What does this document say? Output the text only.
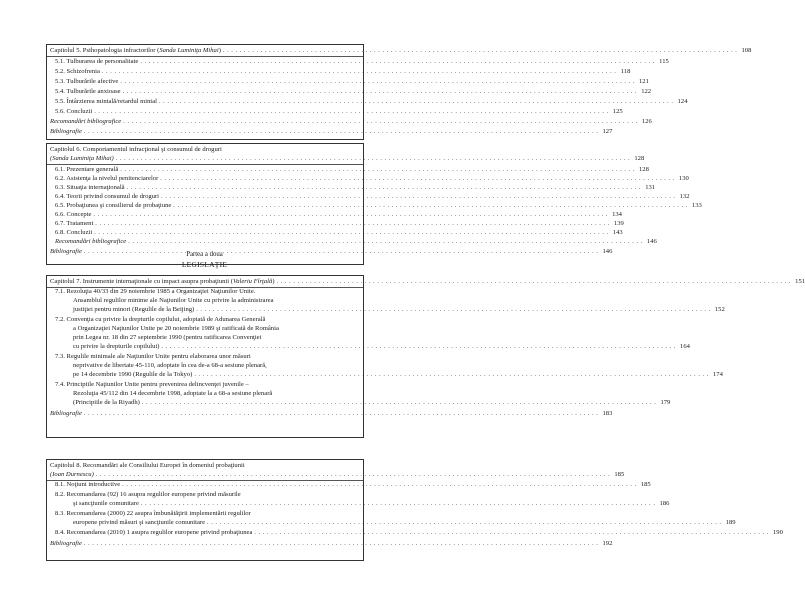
Capitolul 5. Psihopatologia infractorilor (Sanda Luminiţa Mihai) . . .	108
5.1. Tulburarea de personalitate . . .	115
5.2. Schizofrenia . . .	118
5.3. Tulburările afective . . .	121
5.4. Tulburările anxioase . . .	122
5.5. Întârzierea mintală/retardul mintal . . .	124
5.6. Concluzii . . .	125
Recomandări bibliografice . . .	126
Bibliografie . . .	127
Capitolul 6. Comportamentul infracţional şi consumul de droguri
(Sanda Luminiţa Mihai) . . .	128
6.1. Prezentare generală . . .	128
6.2. Asistenţa la nivelul penitenciarelor . . .	130
6.3. Situaţia internaţională . . .	131
6.4. Teorii privind consumul de droguri . . .	132
6.5. Probaţiunea şi consilierul de probaţiune . . .	133
6.6. Concepte . . .	134
6.7. Tratament . . .	139
6.8. Concluzii . . .	143
Recomandări bibliografice . . .	146
Bibliografie . . .	146
Partea a doua
LEGISLAŢIE
Capitolul 7. Instrumente internaţionale cu impact asupra probaţiunii (Valeriu Fîrţală) . . .	151
7.1. Rezoluţia 40/33 din 29 noiembrie 1985 a Organizaţiei Naţiunilor Unite.
Ansamblul regulilor minime ale Naţiunilor Unite cu privire la administrarea
justiţiei pentru minori (Regulile de la Beijing) . . .	152
7.2. Convenţia cu privire la drepturile copilului, adoptată de Adunarea Generală
a Organizaţiei Naţiunilor Unite pe 20 noiembrie 1989 şi ratificată de România
prin Legea nr. 18 din 27 septembrie 1990 (pentru ratificarea Convenţiei
cu privire la drepturile copilului) . . .	164
7.3. Regulile minimale ale Naţiunilor Unite pentru elaborarea unor măsuri
neprivative de libertate 45-110, adoptate în cea de-a 68-a sesiune plenară,
pe 14 decembrie 1990 (Regulile de la Tokyo) . . .	174
7.4. Principiile Naţiunilor Unite pentru prevenirea delincvenţei juvenile –
Rezoluţia 45/112 din 14 decembrie 1998, adoptate la a 68-a sesiune plenară
(Principiile de la Riyadh) . . .	179
Bibliografie . . .	183
Capitolul 8. Recomandări ale Consiliului Europei în domeniul probaţiunii
(Ioan Durnescu) . . .	185
8.1. Noţiuni introductive . . .	185
8.2. Recomandarea (92) 16 asupra regulilor europene privind măsurile
şi sancţiunile comunitare . . .	186
8.3. Recomandarea (2000) 22 asupra îmbunătăţirii implementării regulilor
europene privind măsuri şi sancţiunile comunitare . . .	189
8.4. Recomandarea (2010) 1 asupra regulilor europene privind probaţiunea . . .	190
Bibliografie . . .	192
